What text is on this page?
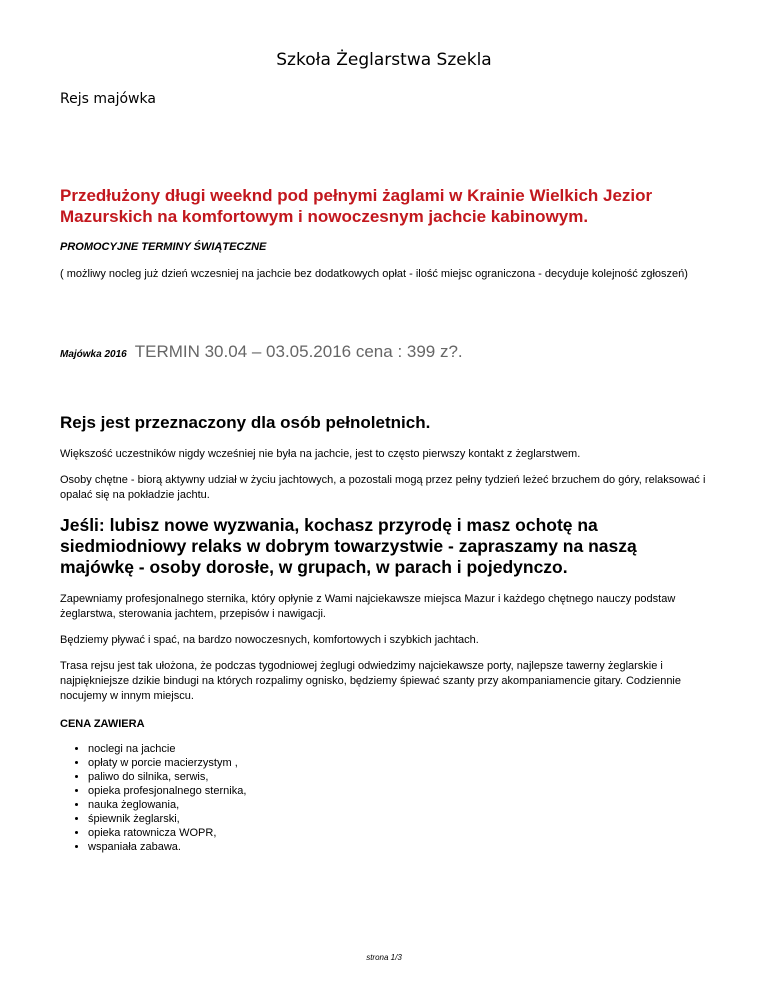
Szkoła Żeglarstwa Szekla
Rejs majówka
Przedłużony długi weeknd pod pełnymi żaglami w Krainie Wielkich Jezior Mazurskich na komfortowym i nowoczesnym jachcie kabinowym.
PROMOCYJNE TERMINY ŚWIĄTECZNE
( możliwy nocleg już dzień wczesniej na jachcie bez dodatkowych opłat - ilość miejsc ograniczona - decyduje kolejność zgłoszeń)
Majówka 2016 TERMIN 30.04 – 03.05.2016 cena : 399 z?.
Rejs jest przeznaczony dla osób pełnoletnich.

Większość uczestników nigdy wcześniej nie była na jachcie, jest to często pierwszy kontakt z żeglarstwem.

Osoby chętne - biorą aktywny udział w życiu jachtowych, a pozostali mogą przez pełny tydzień leżeć brzuchem do góry, relaksować i opalać się na pokładzie jachtu.

Jeśli: lubisz nowe wyzwania, kochasz przyrodę i masz ochotę na siedmiodniowy relaks w dobrym towarzystwie - zapraszamy na naszą majówkę - osoby dorosłe, w grupach, w parach i pojedynczo.

Zapewniamy profesjonalnego sternika, który opłynie z Wami najciekawsze miejsca Mazur i każdego chętnego nauczy podstaw żeglarstwa, sterowania jachtem, przepisów i nawigacji.

Będziemy pływać i spać, na bardzo nowoczesnych, komfortowych i szybkich jachtach.

Trasa rejsu jest tak ułożona, że podczas tygodniowej żeglugi odwiedzimy najciekawsze porty, najlepsze tawerny żeglarskie i najpiękniejsze dzikie bindugi na których rozpalimy ognisko, będziemy śpiewać szanty przy akompaniamencie gitary. Codziennie nocujemy w innym miejscu.

CENA ZAWIERA
• noclegi na jachcie
• opłaty w porcie macierzystym ,
• paliwo do silnika, serwis,
• opieka profesjonalnego sternika,
• nauka żeglowania,
• śpiewnik żeglarski,
• opieka ratownicza WOPR,
• wspaniała zabawa.
strona 1/3
